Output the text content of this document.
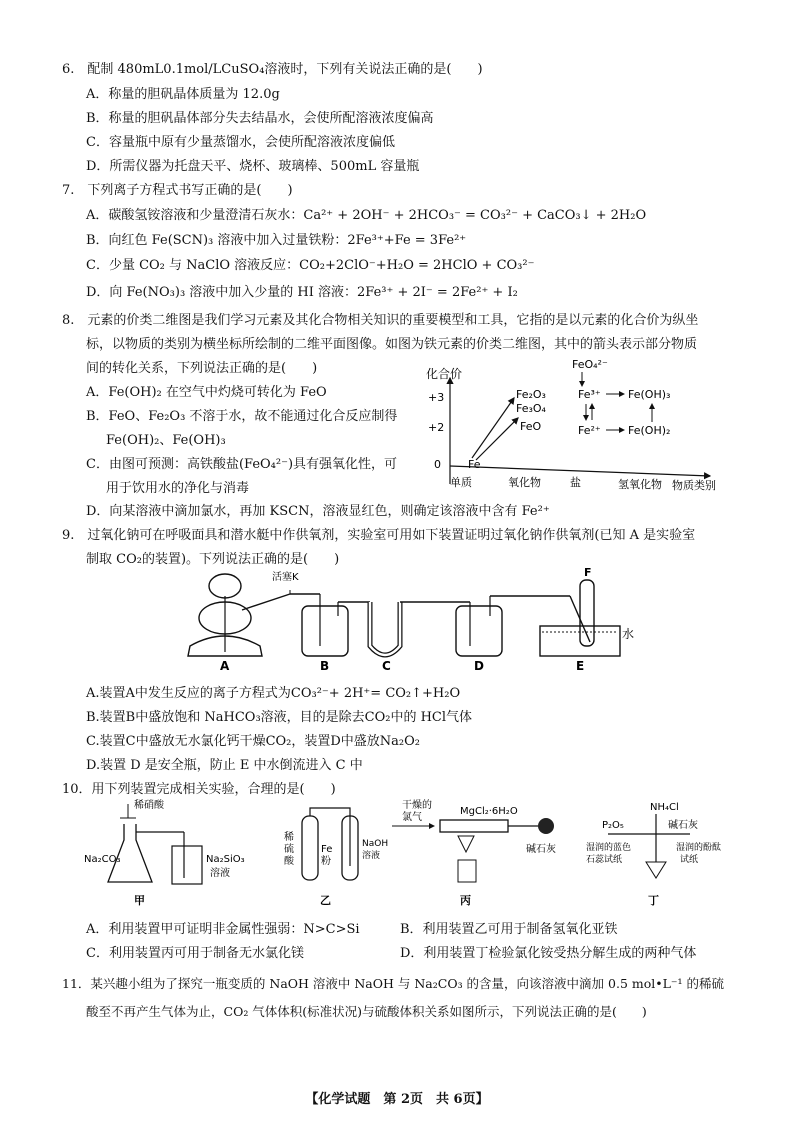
6.　配制 480mL0.1mol/LCuSO₄溶液时，下列有关说法正确的是(　　)
A．称量的胆矾晶体质量为 12.0g
B．称量的胆矾晶体部分失去结晶水，会使所配溶液浓度偏高
C．容量瓶中原有少量蒸馏水，会使所配溶液浓度偏低
D．所需仪器为托盘天平、烧杯、玻璃棒、500mL 容量瓶
7.　下列离子方程式书写正确的是(　　)
A．碳酸氢铵溶液和少量澄清石灰水：Ca²⁺ + 2OH⁻ + 2HCO₃⁻ = CO₃²⁻ + CaCO₃↓ + 2H₂O
B．向红色 Fe(SCN)₃ 溶液中加入过量铁粉：2Fe³⁺+Fe = 3Fe²⁺
C．少量 CO₂ 与 NaClO 溶液反应：CO₂+2ClO⁻+H₂O = 2HClO + CO₃²⁻
D．向 Fe(NO₃)₃ 溶液中加入少量的 HI 溶液：2Fe³⁺ + 2I⁻ = 2Fe²⁺ + I₂
8.　元素的价类二维图是我们学习元素及其化合物相关知识的重要模型和工具，它指的是以元素的化合价为纵坐
标，以物质的类别为横坐标所绘制的二维平面图像。如图为铁元素的价类二维图，其中的箭头表示部分物质
间的转化关系，下列说法正确的是(　　)
A．Fe(OH)₂ 在空气中灼烧可转化为 FeO
B．FeO、Fe₂O₃ 不溶于水，故不能通过化合反应制得
Fe(OH)₂、Fe(OH)₃
C．由图可预测：高铁酸盐(FeO₄²⁻)具有强氧化性，可
用于饮用水的净化与消毒
D．向某溶液中滴加氯水，再加 KSCN，溶液显红色，则确定该溶液中含有 Fe²⁺
化合价
+3
+2
0
单质	氧化物	盐	氢氧化物 物质类别
Fe
Fe₂O₃
Fe₃O₄
FeO
FeO₄²⁻
Fe³⁺
Fe²⁺
Fe(OH)₃
Fe(OH)₂
9.　过氧化钠可在呼吸面具和潜水艇中作供氧剂，实验室可用如下装置证明过氧化钠作供氧剂(已知 A 是实验室
制取 CO₂的装置)。下列说法正确的是(　　)
活塞K	F
水
A	B	C	D	E
A.装置A中发生反应的离子方程式为CO₃²⁻+ 2H⁺= CO₂↑+H₂O
B.装置B中盛放饱和 NaHCO₃溶液，目的是除去CO₂中的 HCl气体
C.装置C中盛放无水氯化钙干燥CO₂，装置D中盛放Na₂O₂
D.装置 D 是安全瓶，防止 E 中水倒流进入 C 中
10．用下列装置完成相关实验，合理的是(　　)
稀硝酸
Na₂CO₃	Na₂SiO₃
溶液
甲
稀
硫
酸
Fe
粉
NaOH
溶液
乙
干燥的
氯气
MgCl₂·6H₂O
碱石灰
丙
NH₄Cl
P₂O₅	碱石灰
湿润的蓝色
石蕊试纸
湿润的酚酞
试纸
丁
A．利用装置甲可证明非金属性强弱：N>C>Si	B．利用装置乙可用于制备氢氧化亚铁
C．利用装置丙可用于制备无水氯化镁	D．利用装置丁检验氯化铵受热分解生成的两种气体
11．某兴趣小组为了探究一瓶变质的 NaOH 溶液中 NaOH 与 Na₂CO₃ 的含量，向该溶液中滴加 0.5 mol•L⁻¹ 的稀硫
酸至不再产生气体为止，CO₂ 气体体积(标准状况)与硫酸体积关系如图所示，下列说法正确的是(　　)
【化学试题　第 2页　共 6页】
